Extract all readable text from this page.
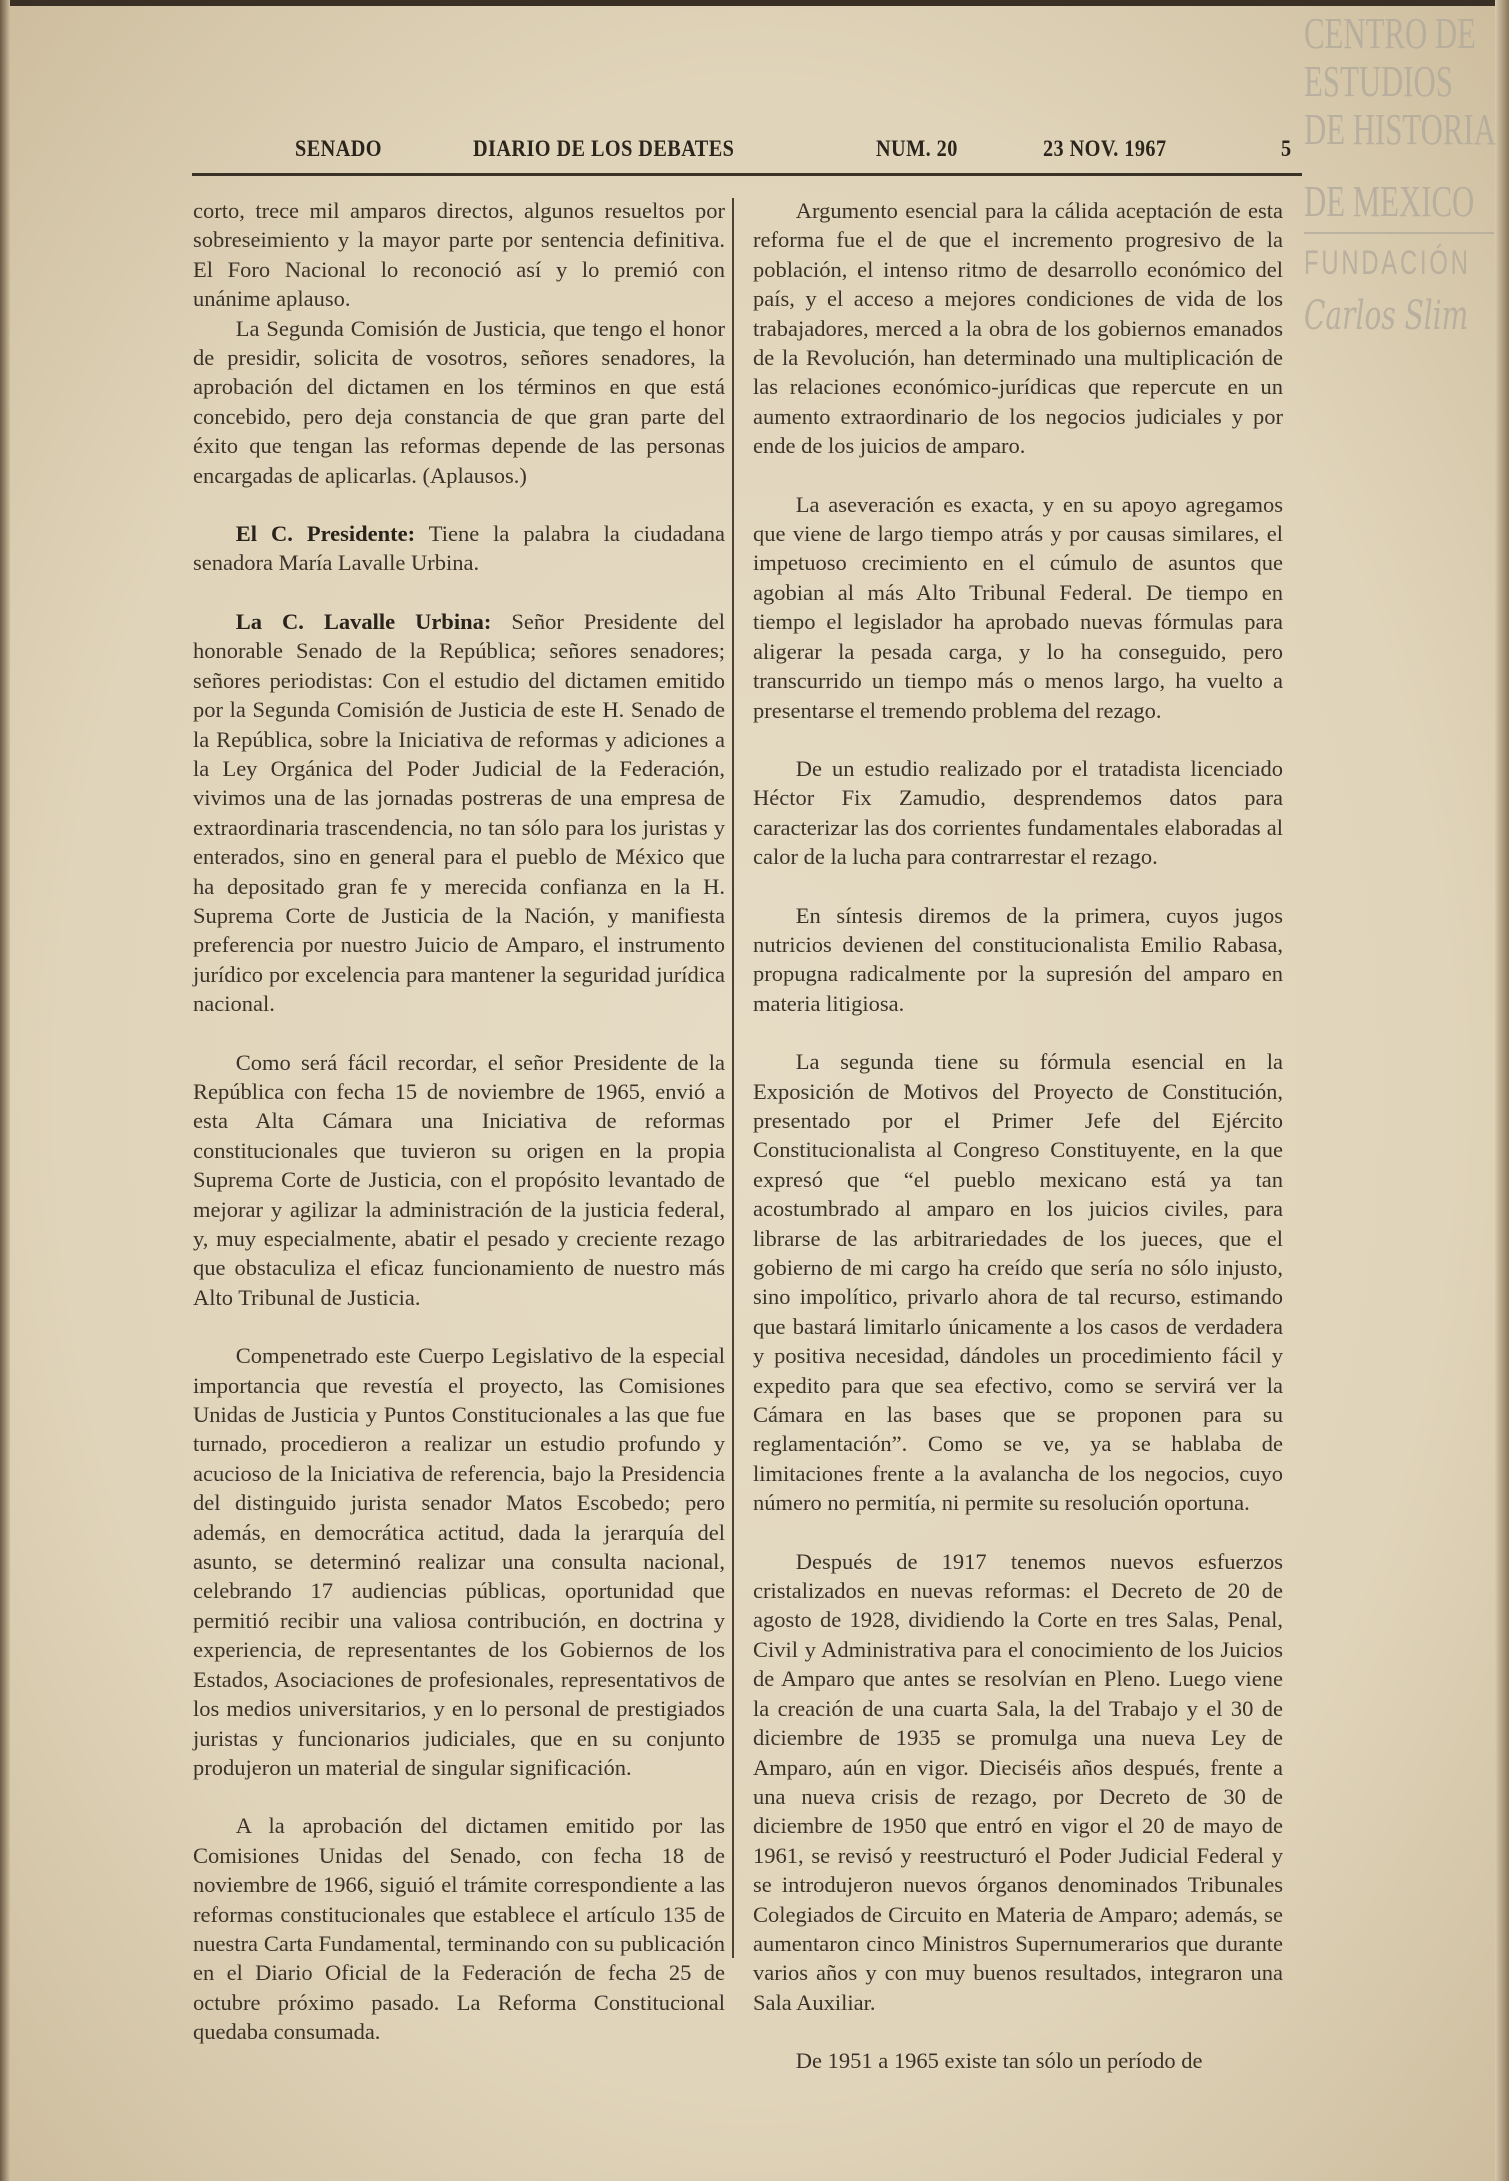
CENTRO DE
ESTUDIOS
DE HISTORIA
DE MEXICO
FUNDACIÓN
Carlos Slim
SENADO	DIARIO DE LOS DEBATES	NUM. 20	23 NOV. 1967	5

corto, trece mil amparos directos, algunos resueltos por sobreseimiento y la mayor parte por sentencia definitiva. El Foro Nacional lo reconoció así y lo premió con unánime aplauso.

La Segunda Comisión de Justicia, que tengo el honor de presidir, solicita de vosotros, señores senadores, la aprobación del dictamen en los términos en que está concebido, pero deja constancia de que gran parte del éxito que tengan las reformas depende de las personas encargadas de aplicarlas. (Aplausos.)

El C. Presidente: Tiene la palabra la ciudadana senadora María Lavalle Urbina.

La C. Lavalle Urbina: Señor Presidente del honorable Senado de la República; señores senadores; señores periodistas: Con el estudio del dictamen emitido por la Segunda Comisión de Justicia de este H. Senado de la República, sobre la Iniciativa de reformas y adiciones a la Ley Orgánica del Poder Judicial de la Federación, vivimos una de las jornadas postreras de una empresa de extraordinaria trascendencia, no tan sólo para los juristas y enterados, sino en general para el pueblo de México que ha depositado gran fe y merecida confianza en la H. Suprema Corte de Justicia de la Nación, y manifiesta preferencia por nuestro Juicio de Amparo, el instrumento jurídico por excelencia para mantener la seguridad jurídica nacional.

Como será fácil recordar, el señor Presidente de la República con fecha 15 de noviembre de 1965, envió a esta Alta Cámara una Iniciativa de reformas constitucionales que tuvieron su origen en la propia Suprema Corte de Justicia, con el propósito levantado de mejorar y agilizar la administración de la justicia federal, y, muy especialmente, abatir el pesado y creciente rezago que obstaculiza el eficaz funcionamiento de nuestro más Alto Tribunal de Justicia.

Compenetrado este Cuerpo Legislativo de la especial importancia que revestía el proyecto, las Comisiones Unidas de Justicia y Puntos Constitucionales a las que fue turnado, procedieron a realizar un estudio profundo y acucioso de la Iniciativa de referencia, bajo la Presidencia del distinguido jurista senador Matos Escobedo; pero además, en democrática actitud, dada la jerarquía del asunto, se determinó realizar una consulta nacional, celebrando 17 audiencias públicas, oportunidad que permitió recibir una valiosa contribución, en doctrina y experiencia, de representantes de los Gobiernos de los Estados, Asociaciones de profesionales, representativos de los medios universitarios, y en lo personal de prestigiados juristas y funcionarios judiciales, que en su conjunto produjeron un material de singular significación.

A la aprobación del dictamen emitido por las Comisiones Unidas del Senado, con fecha 18 de noviembre de 1966, siguió el trámite correspondiente a las reformas constitucionales que establece el artículo 135 de nuestra Carta Fundamental, terminando con su publicación en el Diario Oficial de la Federación de fecha 25 de octubre próximo pasado. La Reforma Constitucional quedaba consumada.

Argumento esencial para la cálida aceptación de esta reforma fue el de que el incremento progresivo de la población, el intenso ritmo de desarrollo económico del país, y el acceso a mejores condiciones de vida de los trabajadores, merced a la obra de los gobiernos emanados de la Revolución, han determinado una multiplicación de las relaciones económico-jurídicas que repercute en un aumento extraordinario de los negocios judiciales y por ende de los juicios de amparo.

La aseveración es exacta, y en su apoyo agregamos que viene de largo tiempo atrás y por causas similares, el impetuoso crecimiento en el cúmulo de asuntos que agobian al más Alto Tribunal Federal. De tiempo en tiempo el legislador ha aprobado nuevas fórmulas para aligerar la pesada carga, y lo ha conseguido, pero transcurrido un tiempo más o menos largo, ha vuelto a presentarse el tremendo problema del rezago.

De un estudio realizado por el tratadista licenciado Héctor Fix Zamudio, desprendemos datos para caracterizar las dos corrientes fundamentales elaboradas al calor de la lucha para contrarrestar el rezago.

En síntesis diremos de la primera, cuyos jugos nutricios devienen del constitucionalista Emilio Rabasa, propugna radicalmente por la supresión del amparo en materia litigiosa.

La segunda tiene su fórmula esencial en la Exposición de Motivos del Proyecto de Constitución, presentado por el Primer Jefe del Ejército Constitucionalista al Congreso Constituyente, en la que expresó que “el pueblo mexicano está ya tan acostumbrado al amparo en los juicios civiles, para librarse de las arbitrariedades de los jueces, que el gobierno de mi cargo ha creído que sería no sólo injusto, sino impolítico, privarlo ahora de tal recurso, estimando que bastará limitarlo únicamente a los casos de verdadera y positiva necesidad, dándoles un procedimiento fácil y expedito para que sea efectivo, como se servirá ver la Cámara en las bases que se proponen para su reglamentación”. Como se ve, ya se hablaba de limitaciones frente a la avalancha de los negocios, cuyo número no permitía, ni permite su resolución oportuna.

Después de 1917 tenemos nuevos esfuerzos cristalizados en nuevas reformas: el Decreto de 20 de agosto de 1928, dividiendo la Corte en tres Salas, Penal, Civil y Administrativa para el conocimiento de los Juicios de Amparo que antes se resolvían en Pleno. Luego viene la creación de una cuarta Sala, la del Trabajo y el 30 de diciembre de 1935 se promulga una nueva Ley de Amparo, aún en vigor. Dieciséis años después, frente a una nueva crisis de rezago, por Decreto de 30 de diciembre de 1950 que entró en vigor el 20 de mayo de 1961, se revisó y reestructuró el Poder Judicial Federal y se introdujeron nuevos órganos denominados Tribunales Colegiados de Circuito en Materia de Amparo; además, se aumentaron cinco Ministros Supernumerarios que durante varios años y con muy buenos resultados, integraron una Sala Auxiliar.

De 1951 a 1965 existe tan sólo un período de
